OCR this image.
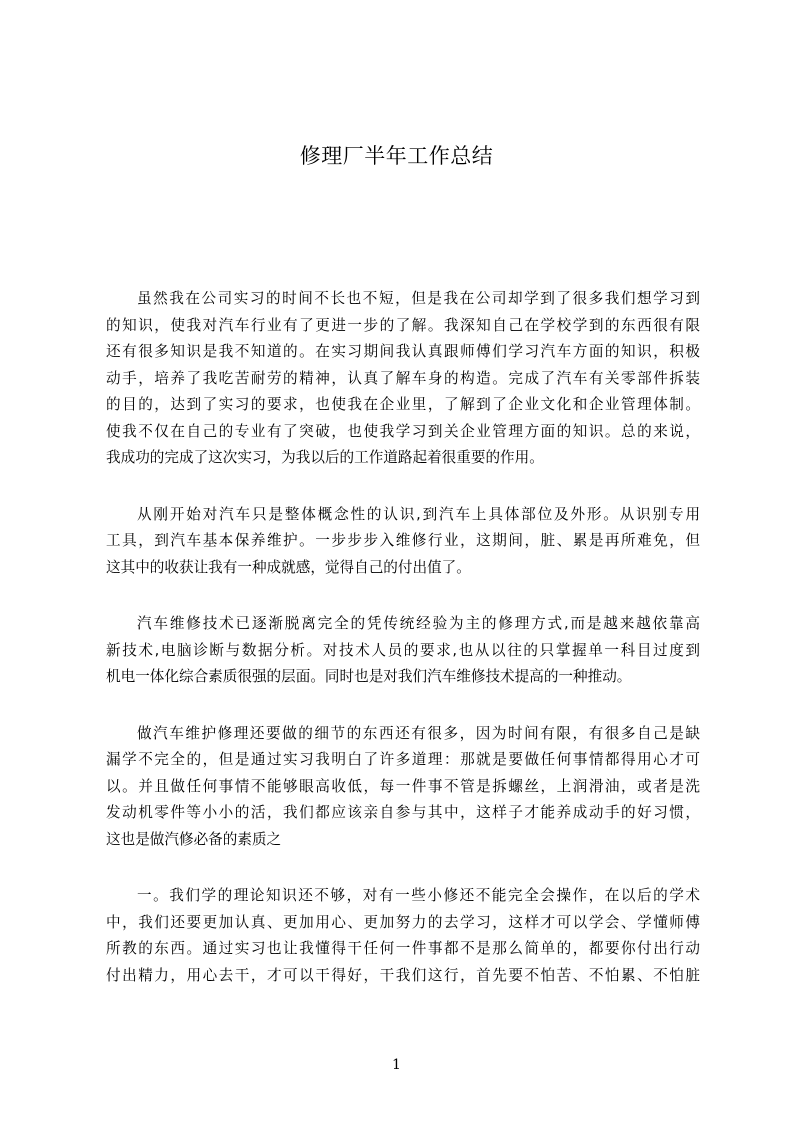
修理厂半年工作总结
虽然我在公司实习的时间不长也不短，但是我在公司却学到了很多我们想学习到
的知识，使我对汽车行业有了更进一步的了解。我深知自己在学校学到的东西很有限
还有很多知识是我不知道的。在实习期间我认真跟师傅们学习汽车方面的知识，积极
动手，培养了我吃苦耐劳的精神，认真了解车身的构造。完成了汽车有关零部件拆装
的目的，达到了实习的要求，也使我在企业里，了解到了企业文化和企业管理体制。
使我不仅在自己的专业有了突破，也使我学习到关企业管理方面的知识。总的来说，
我成功的完成了这次实习，为我以后的工作道路起着很重要的作用。
从刚开始对汽车只是整体概念性的认识,到汽车上具体部位及外形。从识别专用
工具，到汽车基本保养维护。一步步步入维修行业，这期间，脏、累是再所难免，但
这其中的收获让我有一种成就感，觉得自己的付出值了。
汽车维修技术已逐渐脱离完全的凭传统经验为主的修理方式,而是越来越依靠高
新技术,电脑诊断与数据分析。对技术人员的要求,也从以往的只掌握单一科目过度到
机电一体化综合素质很强的层面。同时也是对我们汽车维修技术提高的一种推动。
做汽车维护修理还要做的细节的东西还有很多，因为时间有限，有很多自己是缺
漏学不完全的，但是通过实习我明白了许多道理：那就是要做任何事情都得用心才可
以。并且做任何事情不能够眼高收低，每一件事不管是拆螺丝，上润滑油，或者是洗
发动机零件等小小的活，我们都应该亲自参与其中，这样子才能养成动手的好习惯，
这也是做汽修必备的素质之
一。我们学的理论知识还不够，对有一些小修还不能完全会操作，在以后的学术
中，我们还要更加认真、更加用心、更加努力的去学习，这样才可以学会、学懂师傅
所教的东西。通过实习也让我懂得干任何一件事都不是那么简单的，都要你付出行动
付出精力，用心去干，才可以干得好，干我们这行，首先要不怕苦、不怕累、不怕脏
1
